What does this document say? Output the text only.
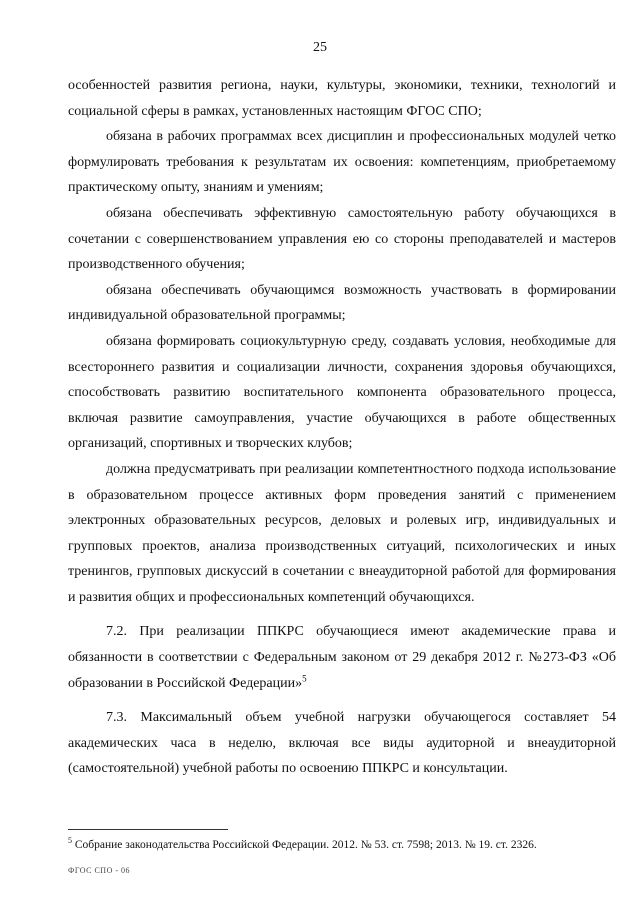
25

особенностей развития региона, науки, культуры, экономики, техники, технологий и социальной сферы в рамках, установленных настоящим ФГОС СПО;

обязана в рабочих программах всех дисциплин и профессиональных модулей четко формулировать требования к результатам их освоения: компетенциям, приобретаемому практическому опыту, знаниям и умениям;

обязана обеспечивать эффективную самостоятельную работу обучающихся в сочетании с совершенствованием управления ею со стороны преподавателей и мастеров производственного обучения;

обязана обеспечивать обучающимся возможность участвовать в формировании индивидуальной образовательной программы;

обязана формировать социокультурную среду, создавать условия, необходимые для всестороннего развития и социализации личности, сохранения здоровья обучающихся, способствовать развитию воспитательного компонента образовательного процесса, включая развитие самоуправления, участие обучающихся в работе общественных организаций, спортивных и творческих клубов;

должна предусматривать при реализации компетентностного подхода использование в образовательном процессе активных форм проведения занятий с применением электронных образовательных ресурсов, деловых и ролевых игр, индивидуальных и групповых проектов, анализа производственных ситуаций, психологических и иных тренингов, групповых дискуссий в сочетании с внеаудиторной работой для формирования и развития общих и профессиональных компетенций обучающихся.

7.2. При реализации ППКРС обучающиеся имеют академические права и обязанности в соответствии с Федеральным законом от 29 декабря 2012 г. №273-ФЗ «Об образовании в Российской Федерации»$^5$

7.3. Максимальный объем учебной нагрузки обучающегося составляет 54 академических часа в неделю, включая все виды аудиторной и внеаудиторной (самостоятельной) учебной работы по освоению ППКРС и консультации.

$^5$ Собрание законодательства Российской Федерации. 2012. № 53. ст. 7598; 2013. № 19. ст. 2326.
ФГОС СПО - 06
